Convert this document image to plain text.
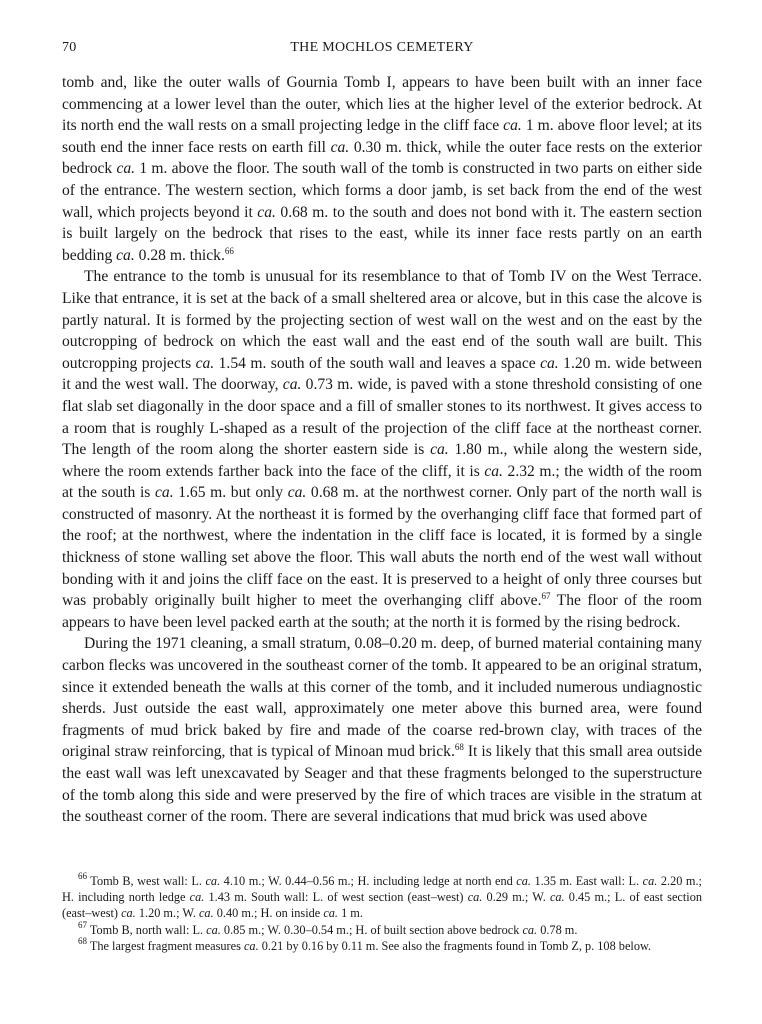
70	THE MOCHLOS CEMETERY

tomb and, like the outer walls of Gournia Tomb I, appears to have been built with an inner face commencing at a lower level than the outer, which lies at the higher level of the exterior bedrock. At its north end the wall rests on a small projecting ledge in the cliff face ca. 1 m. above floor level; at its south end the inner face rests on earth fill ca. 0.30 m. thick, while the outer face rests on the exterior bedrock ca. 1 m. above the floor. The south wall of the tomb is constructed in two parts on either side of the entrance. The western section, which forms a door jamb, is set back from the end of the west wall, which projects beyond it ca. 0.68 m. to the south and does not bond with it. The eastern section is built largely on the bedrock that rises to the east, while its inner face rests partly on an earth bedding ca. 0.28 m. thick.$^{66}$

The entrance to the tomb is unusual for its resemblance to that of Tomb IV on the West Terrace. Like that entrance, it is set at the back of a small sheltered area or alcove, but in this case the alcove is partly natural. It is formed by the projecting section of west wall on the west and on the east by the outcropping of bedrock on which the east wall and the east end of the south wall are built. This outcropping projects ca. 1.54 m. south of the south wall and leaves a space ca. 1.20 m. wide between it and the west wall. The doorway, ca. 0.73 m. wide, is paved with a stone threshold consisting of one flat slab set diagonally in the door space and a fill of smaller stones to its northwest. It gives access to a room that is roughly L-shaped as a result of the projection of the cliff face at the northeast corner. The length of the room along the shorter eastern side is ca. 1.80 m., while along the western side, where the room extends farther back into the face of the cliff, it is ca. 2.32 m.; the width of the room at the south is ca. 1.65 m. but only ca. 0.68 m. at the northwest corner. Only part of the north wall is constructed of masonry. At the northeast it is formed by the overhanging cliff face that formed part of the roof; at the northwest, where the indentation in the cliff face is located, it is formed by a single thickness of stone walling set above the floor. This wall abuts the north end of the west wall without bonding with it and joins the cliff face on the east. It is preserved to a height of only three courses but was probably originally built higher to meet the overhanging cliff above.$^{67}$ The floor of the room appears to have been level packed earth at the south; at the north it is formed by the rising bedrock.

During the 1971 cleaning, a small stratum, 0.08–0.20 m. deep, of burned material containing many carbon flecks was uncovered in the southeast corner of the tomb. It appeared to be an original stratum, since it extended beneath the walls at this corner of the tomb, and it included numerous undiagnostic sherds. Just outside the east wall, approximately one meter above this burned area, were found fragments of mud brick baked by fire and made of the coarse red-brown clay, with traces of the original straw reinforcing, that is typical of Minoan mud brick.$^{68}$ It is likely that this small area outside the east wall was left unexcavated by Seager and that these fragments belonged to the superstructure of the tomb along this side and were preserved by the fire of which traces are visible in the stratum at the southeast corner of the room. There are several indications that mud brick was used above

$^{66}$ Tomb B, west wall: L. ca. 4.10 m.; W. 0.44–0.56 m.; H. including ledge at north end ca. 1.35 m. East wall: L. ca. 2.20 m.; H. including north ledge ca. 1.43 m. South wall: L. of west section (east–west) ca. 0.29 m.; W. ca. 0.45 m.; L. of east section (east–west) ca. 1.20 m.; W. ca. 0.40 m.; H. on inside ca. 1 m.

$^{67}$ Tomb B, north wall: L. ca. 0.85 m.; W. 0.30–0.54 m.; H. of built section above bedrock ca. 0.78 m.

$^{68}$ The largest fragment measures ca. 0.21 by 0.16 by 0.11 m. See also the fragments found in Tomb Z, p. 108 below.
